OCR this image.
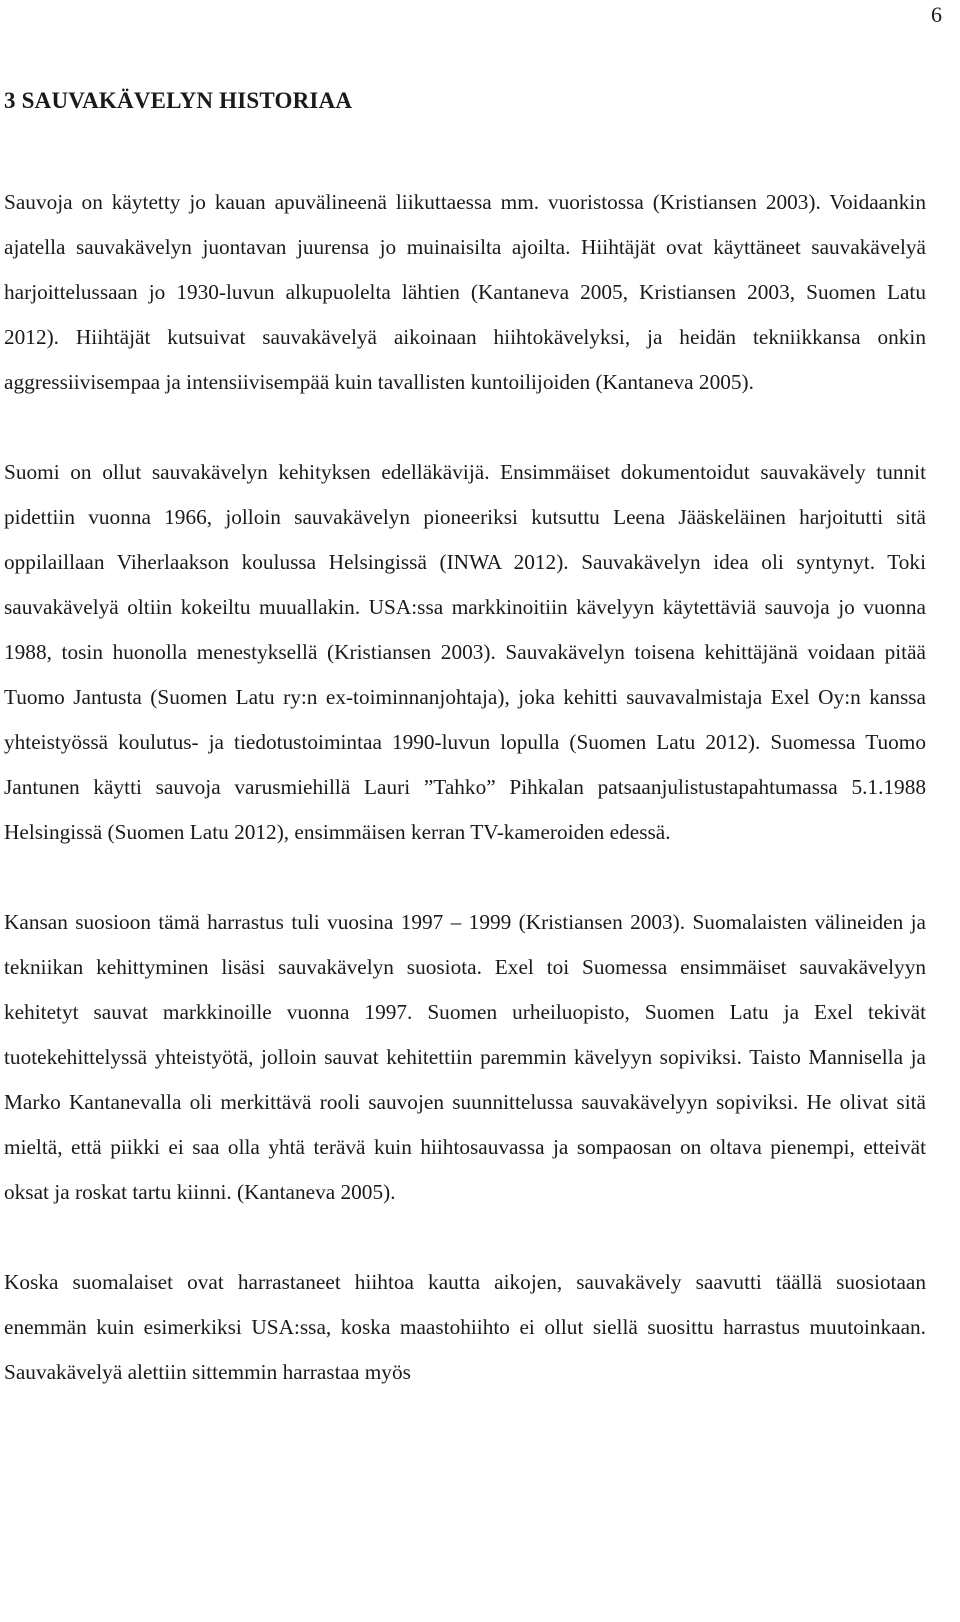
6
3 SAUVAKÄVELYN HISTORIAA

Sauvoja on käytetty jo kauan apuvälineenä liikuttaessa mm. vuoristossa (Kristiansen 2003). Voidaankin ajatella sauvakävelyn juontavan juurensa jo muinaisilta ajoilta. Hiihtäjät ovat käyttäneet sauvakävelyä harjoittelussaan jo 1930-luvun alkupuolelta lähtien (Kantaneva 2005, Kristiansen 2003, Suomen Latu 2012). Hiihtäjät kutsuivat sauvakävelyä aikoinaan hiihtokävelyksi, ja heidän tekniikkansa onkin aggressiivisempaa ja intensiivisempää kuin tavallisten kuntoilijoiden (Kantaneva 2005).

Suomi on ollut sauvakävelyn kehityksen edelläkävijä. Ensimmäiset dokumentoidut sauvakävely tunnit pidettiin vuonna 1966, jolloin sauvakävelyn pioneeriksi kutsuttu Leena Jääskeläinen harjoitutti sitä oppilaillaan Viherlaakson koulussa Helsingissä (INWA 2012). Sauvakävelyn idea oli syntynyt. Toki sauvakävelyä oltiin kokeiltu muuallakin. USA:ssa markkinoitiin kävelyyn käytettäviä sauvoja jo vuonna 1988, tosin huonolla menestyksellä (Kristiansen 2003). Sauvakävelyn toisena kehittäjänä voidaan pitää Tuomo Jantusta (Suomen Latu ry:n ex-toiminnanjohtaja), joka kehitti sauvavalmistaja Exel Oy:n kanssa yhteistyössä koulutus- ja tiedotustoimintaa 1990-luvun lopulla (Suomen Latu 2012). Suomessa Tuomo Jantunen käytti sauvoja varusmiehillä Lauri ”Tahko” Pihkalan patsaanjulistustapahtumassa 5.1.1988 Helsingissä (Suomen Latu 2012), ensimmäisen kerran TV-kameroiden edessä.

Kansan suosioon tämä harrastus tuli vuosina 1997 – 1999 (Kristiansen 2003). Suomalaisten välineiden ja tekniikan kehittyminen lisäsi sauvakävelyn suosiota. Exel toi Suomessa ensimmäiset sauvakävelyyn kehitetyt sauvat markkinoille vuonna 1997. Suomen urheiluopisto, Suomen Latu ja Exel tekivät tuotekehittelyssä yhteistyötä, jolloin sauvat kehitettiin paremmin kävelyyn sopiviksi. Taisto Mannisella ja Marko Kantanevalla oli merkittävä rooli sauvojen suunnittelussa sauvakävelyyn sopiviksi. He olivat sitä mieltä, että piikki ei saa olla yhtä terävä kuin hiihtosauvassa ja sompaosan on oltava pienempi, etteivät oksat ja roskat tartu kiinni. (Kantaneva 2005).

Koska suomalaiset ovat harrastaneet hiihtoa kautta aikojen, sauvakävely saavutti täällä suosiotaan enemmän kuin esimerkiksi USA:ssa, koska maastohiihto ei ollut siellä suosittu harrastus muutoinkaan. Sauvakävelyä alettiin sittemmin harrastaa myös
